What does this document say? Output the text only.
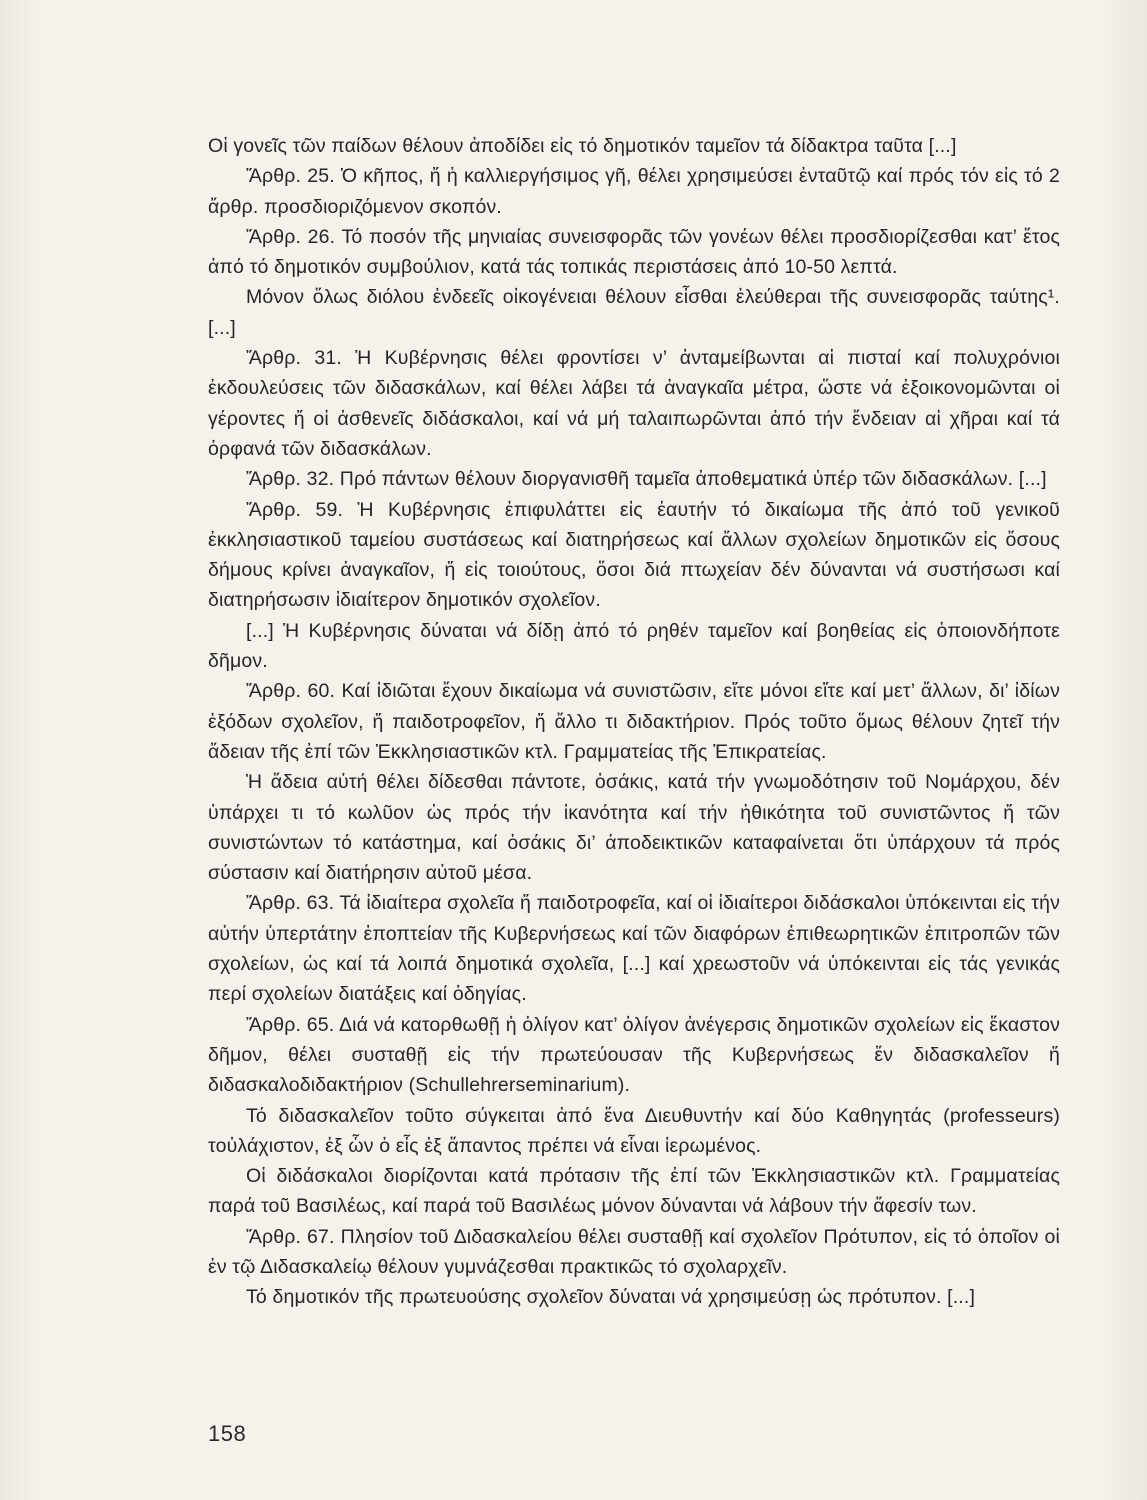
Οἱ γονεῖς τῶν παίδων θέλουν ἀποδίδει εἰς τό δημοτικόν ταμεῖον τά δίδακτρα ταῦτα [...]

Ἄρθρ. 25. Ὁ κῆπος, ἤ ἡ καλλιεργήσιμος γῆ, θέλει χρησιμεύσει ἐνταῦτῷ καί πρός τόν εἰς τό 2 ἄρθρ. προσδιοριζόμενον σκοπόν.

Ἄρθρ. 26. Τό ποσόν τῆς μηνιαίας συνεισφορᾶς τῶν γονέων θέλει προσδιορίζεσθαι κατ’ ἔτος ἀπό τό δημοτικόν συμβούλιον, κατά τάς τοπικάς περιστάσεις ἀπό 10-50 λεπτά.

Μόνον ὅλως διόλου ἐνδεεῖς οἰκογένειαι θέλουν εἶσθαι ἐλεύθεραι τῆς συνεισφορᾶς ταύτης¹. [...]

Ἄρθρ. 31. Ἡ Κυβέρνησις θέλει φροντίσει ν’ ἀνταμείβωνται αἱ πισταί καί πολυχρόνιοι ἐκδουλεύσεις τῶν διδασκάλων, καί θέλει λάβει τά ἀναγκαῖα μέτρα, ὥστε νά ἐξοικονομῶνται οἱ γέροντες ἤ οἱ ἀσθενεῖς διδάσκαλοι, καί νά μή ταλαιπωρῶνται ἀπό τήν ἔνδειαν αἱ χῆραι καί τά ὀρφανά τῶν διδασκάλων.

Ἄρθρ. 32. Πρό πάντων θέλουν διοργανισθῆ ταμεῖα ἀποθεματικά ὑπέρ τῶν διδασκάλων. [...]

Ἄρθρ. 59. Ἡ Κυβέρνησις ἐπιφυλάττει εἰς ἑαυτήν τό δικαίωμα τῆς ἀπό τοῦ γενικοῦ ἐκκλησιαστικοῦ ταμείου συστάσεως καί διατηρήσεως καί ἄλλων σχολείων δημοτικῶν εἰς ὅσους δήμους κρίνει ἀναγκαῖον, ἤ εἰς τοιούτους, ὅσοι διά πτωχείαν δέν δύνανται νά συστήσωσι καί διατηρήσωσιν ἰδιαίτερον δημοτικόν σχολεῖον.

[...] Ἡ Κυβέρνησις δύναται νά δίδῃ ἀπό τό ρηθέν ταμεῖον καί βοηθείας εἰς ὁποιονδήποτε δῆμον.

Ἄρθρ. 60. Καί ἰδιῶται ἔχουν δικαίωμα νά συνιστῶσιν, εἴτε μόνοι εἴτε καί μετ’ ἄλλων, δι’ ἰδίων ἐξόδων σχολεῖον, ἤ παιδοτροφεῖον, ἤ ἄλλο τι διδακτήριον. Πρός τοῦτο ὅμως θέλουν ζητεῖ τήν ἄδειαν τῆς ἐπί τῶν Ἐκκλησιαστικῶν κτλ. Γραμματείας τῆς Ἐπικρατείας.

Ἡ ἄδεια αὐτή θέλει δίδεσθαι πάντοτε, ὁσάκις, κατά τήν γνωμοδότησιν τοῦ Νομάρχου, δέν ὑπάρχει τι τό κωλῦον ὡς πρός τήν ἱκανότητα καί τήν ἠθικότητα τοῦ συνιστῶντος ἤ τῶν συνιστώντων τό κατάστημα, καί ὁσάκις δι’ ἀποδεικτικῶν καταφαίνεται ὅτι ὑπάρχουν τά πρός σύστασιν καί διατήρησιν αὐτοῦ μέσα.

Ἄρθρ. 63. Τά ἰδιαίτερα σχολεῖα ἤ παιδοτροφεῖα, καί οἱ ἰδιαίτεροι διδάσκαλοι ὑπόκεινται εἰς τήν αὐτήν ὑπερτάτην ἐποπτείαν τῆς Κυβερνήσεως καί τῶν διαφόρων ἐπιθεωρητικῶν ἐπιτροπῶν τῶν σχολείων, ὡς καί τά λοιπά δημοτικά σχολεῖα, [...] καί χρεωστοῦν νά ὑπόκεινται εἰς τάς γενικάς περί σχολείων διατάξεις καί ὁδηγίας.

Ἄρθρ. 65. Διά νά κατορθωθῇ ἡ ὀλίγον κατ’ ὀλίγον ἀνέγερσις δημοτικῶν σχολείων εἰς ἕκαστον δῆμον, θέλει συσταθῇ εἰς τήν πρωτεύουσαν τῆς Κυβερνήσεως ἕν διδασκαλεῖον ἤ διδασκαλοδιδακτήριον (Schullehrerseminarium).

Τό διδασκαλεῖον τοῦτο σύγκειται ἀπό ἕνα Διευθυντήν καί δύο Καθηγητάς (professeurs) τοὐλάχιστον, ἐξ ὧν ὁ εἷς ἐξ ἅπαντος πρέπει νά εἶναι ἱερωμένος.

Οἱ διδάσκαλοι διορίζονται κατά πρότασιν τῆς ἐπί τῶν Ἐκκλησιαστικῶν κτλ. Γραμματείας παρά τοῦ Βασιλέως, καί παρά τοῦ Βασιλέως μόνον δύνανται νά λάβουν τήν ἄφεσίν των.

Ἄρθρ. 67. Πλησίον τοῦ Διδασκαλείου θέλει συσταθῇ καί σχολεῖον Πρότυπον, εἰς τό ὁποῖον οἱ ἐν τῷ Διδασκαλείῳ θέλουν γυμνάζεσθαι πρακτικῶς τό σχολαρχεῖν.

Τό δημοτικόν τῆς πρωτευούσης σχολεῖον δύναται νά χρησιμεύσῃ ὡς πρότυπον. [...]

158
